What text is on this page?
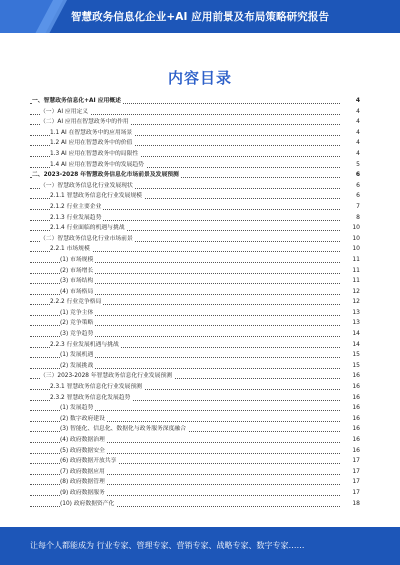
智慧政务信息化企业+AI 应用前景及布局策略研究报告
内容目录
一、智慧政务信息化+AI 应用概述	4
（一）AI 应用定义	4
（二）AI 应用在智慧政务中的作用	4
1.1 AI 在智慧政务中的应用场景	4
1.2 AI 应用在智慧政务中的价值	4
1.3 AI 应用在智慧政务中的局限性	4
1.4 AI 应用在智慧政务中的发展趋势	5
二、2023-2028 年智慧政务信息化市场前景及发展预测	6
（一）智慧政务信息化行业发展现状	6
2.1.1 智慧政务信息化行业发展规模	6
2.1.2 行业主要企业	7
2.1.3 行业发展趋势	8
2.1.4 行业面临的机遇与挑战	10
（二）智慧政务信息化行业市场前景	10
2.2.1 市场规模	10
(1) 市场规模	11
(2) 市场增长	11
(3) 市场结构	11
(4) 市场格局	12
2.2.2 行业竞争格局	12
(1) 竞争主体	13
(2) 竞争策略	13
(3) 竞争趋势	14
2.2.3 行业发展机遇与挑战	14
(1) 发展机遇	15
(2) 发展挑战	15
（三）2023-2028 年智慧政务信息化行业发展预测	16
2.3.1 智慧政务信息化行业发展预测	16
2.3.2 智慧政务信息化发展趋势	16
(1) 发展趋势	16
(2) 数字政府建设	16
(3) 智能化、信息化、数据化与政务服务深度融合	16
(4) 政府数据治理	16
(5) 政府数据安全	16
(6) 政府数据开放共享	17
(7) 政府数据应用	17
(8) 政府数据管理	17
(9) 政府数据服务	17
(10) 政府数据资产化	18
让每个人都能成为 行业专家、管理专家、营销专家、战略专家、数字专家……
